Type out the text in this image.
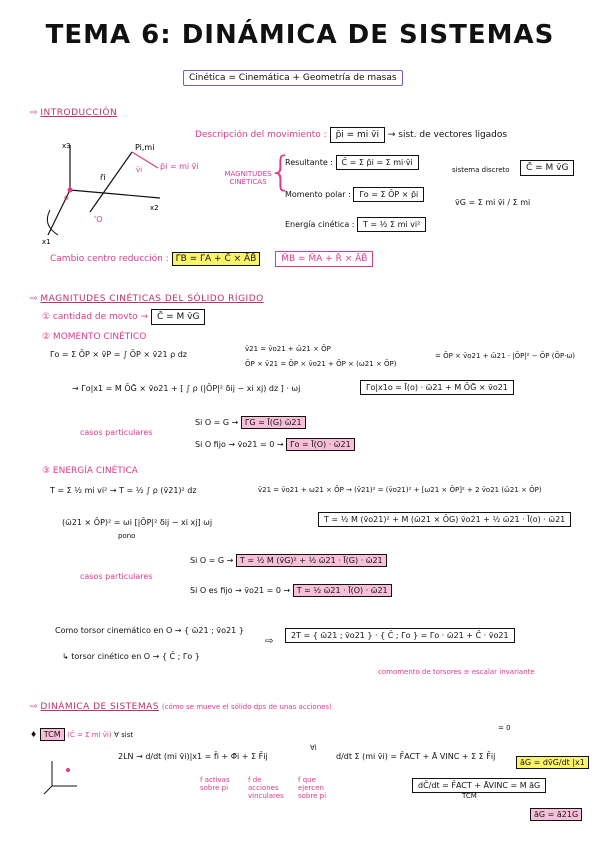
TEMA 6: DINÁMICA DE SISTEMAS
Cinética = Cinemática + Geometría de masas
⇨ INTRODUCCIÓN
x3
x2
x1
o
'O
r̄i
Pi,mi
v̄i p̄i = mi v̄i
Descripción del movimiento : p̄i = mi v̄i → sist. de vectores ligados
MAGNITUDES CINÉTICAS {
Resultante : C̄ = Σ p̄i = Σ mi·v̄i
Momento polar : Γ̄o = Σ ŌP × p̄i
Energía cinética : T = ½ Σ mi vi²
sistema discreto	C̄ = M v̄G
v̄G = Σ mi v̄i / Σ mi
Cambio centro reducción : Γ̄B = Γ̄A + C̄ × ĀB̄	M̄B = M̄A + R̄ × ĀB̄
⇨ MAGNITUDES CINÉTICAS DEL SÓLIDO RÍGIDO
① cantidad de movto → C̄ = M v̄G
② MOMENTO CINÉTICO
Γ̄o = Σ ŌP × v̄P = ∫ ŌP × v̄21 ρ dz
v̄21 = v̄o21 + ω̄21 × ŌP
ŌP × v̄21 = ŌP × v̄o21 + ŌP × (ω21 × ŌP)
= ŌP × v̄o21 + ω̄21 · |ŌP|² − ŌP (ŌP·ω)
→ Γ̄o|x1 = M ŌḠ × v̄o21 + [ ∫ ρ (|ŌP|² δij − xi xj) dz ] · ωj	Γ̄o|x1o = Ī(o) · ω̄21 + M ŌḠ × v̄o21
casos particulares
Si O = G → Γ̄G = Ī(G) ω̄21
Si O fijo → v̄o21 = 0 → Γ̄o = Ī(O) · ω̄21
③ ENERGÍA CINÉTICA
T = Σ ½ mi vi² → T = ½ ∫ ρ (v̄21)² dz	v̄21 = v̄o21 + ω21 × ŌP → (v̄21)² = (v̄o21)² + [ω21 × ŌP]² + 2 v̄o21 (ω̄21 × ŌP)
(ω̄21 × ŌP)² = ωi [|ŌP|² δij − xi xj] ωj
pono
T = ½ M (v̄o21)² + M (ω̄21 × ŌG) v̄o21 + ½ ω̄21 · Ī(o) · ω̄21
casos particulares
Si O = G → T = ½ M (v̄G)² + ½ ω̄21 · Ī(G) · ω̄21
Si O es fijo → v̄o21 = 0 → T = ½ ω̄21 · Ī(O) · ω̄21
Como torsor cinemático en O → { ω̄21 ; v̄o21 }
↳ torsor cinético en O → { C̄ ; Γ̄o }
⇨
2T = { ω̄21 ; v̄o21 } · { C̄ ; Γ̄o } = Γ̄o · ω̄21 + C̄ · v̄o21
comomento de torsores ≡ escalar invariante
⇨ DINÁMICA DE SISTEMAS (cómo se mueve el sólido dps de unas acciones)
♦ TCM (C̄ = Σ mi v̄i) ∀ sist
2LN → d/dt (mi v̄i)|x1 = f̄i + Φ̄i + Σ F̄ij
∀i
d/dt Σ (mi v̄i) = F̄ACT + Ā VINC + Σ Σ F̄ij
= 0
f activas sobre pi
f de acciones vinculares
f que ejercen sobre pi
dC̄/dt = F̄ACT + ĀVINC = M āG
TCM
āG = dv̄G/dt |x1
āG = ā21G
